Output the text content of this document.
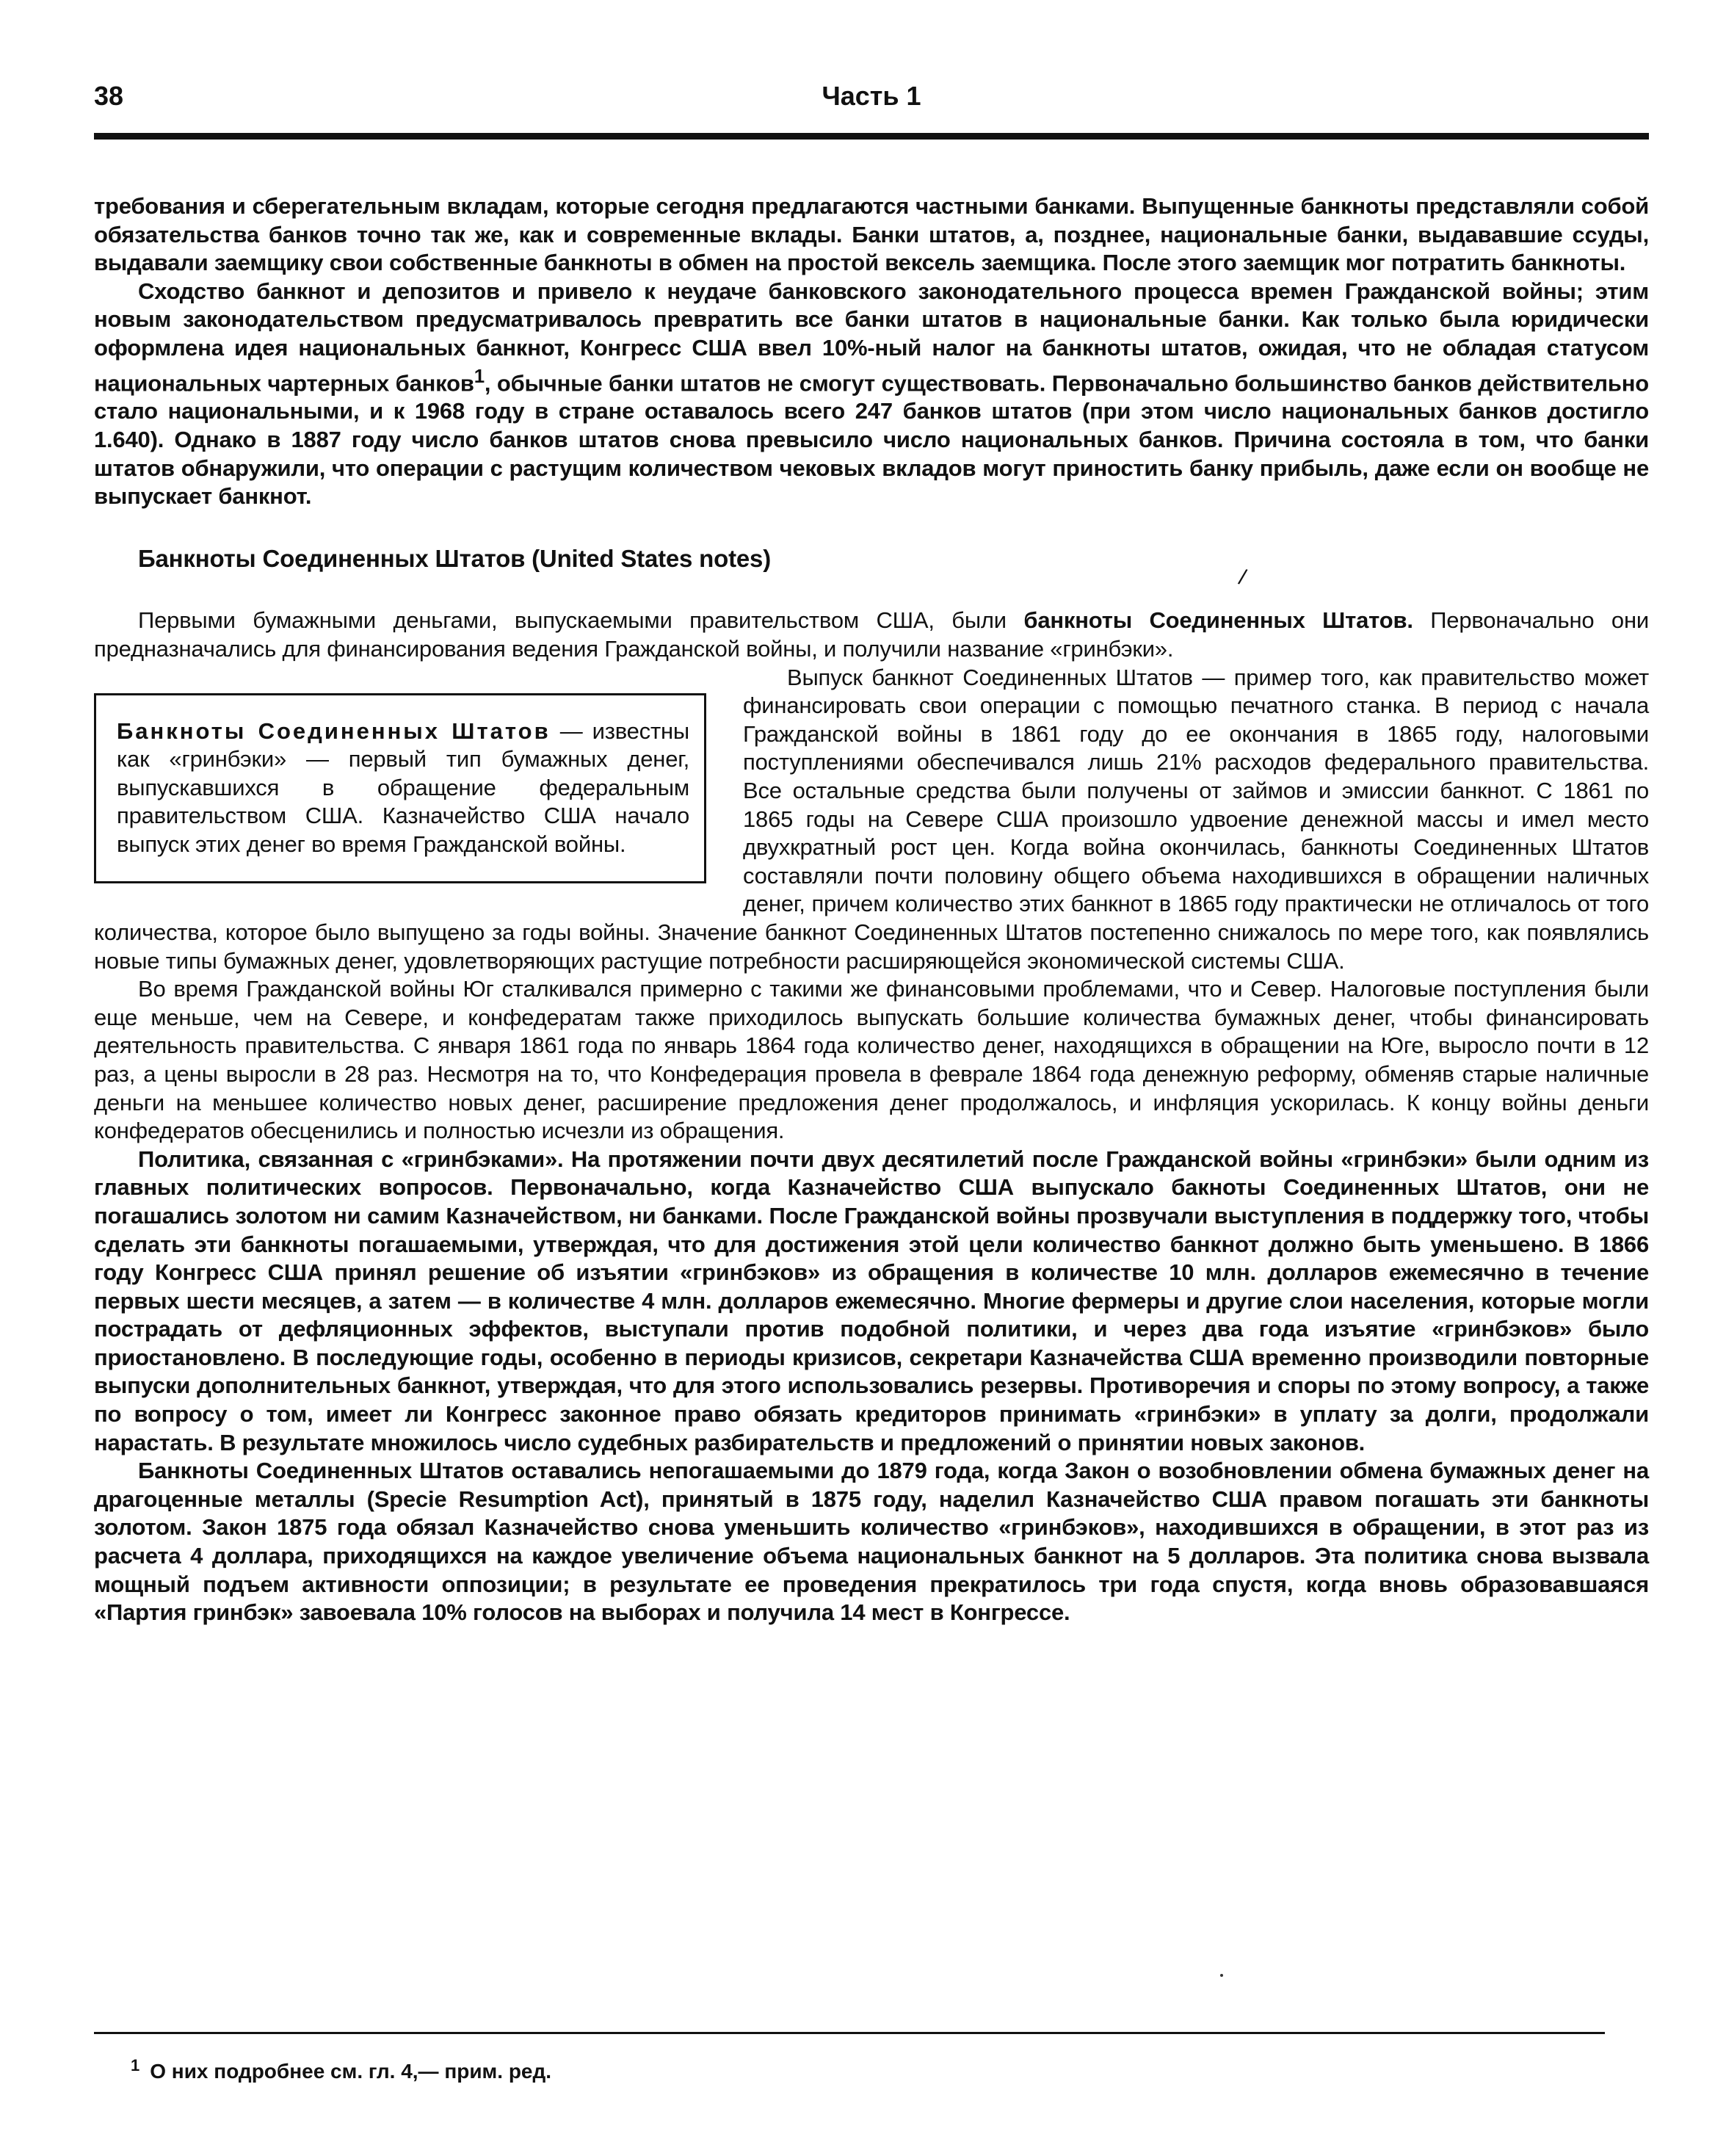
Часть 1
38

требования и сберегательным вкладам, которые сегодня предлагаются частными банками. Выпущенные банкноты представляли собой обязательства банков точно так же, как и современные вклады. Банки штатов, а, позднее, национальные банки, выдававшие ссуды, выдавали заемщику свои собственные банкноты в обмен на простой вексель заемщика. После этого заемщик мог потратить банкноты.

Сходство банкнот и депозитов и привело к неудаче банковского законодательного процесса времен Гражданской войны; этим новым законодательством предусматривалось превратить все банки штатов в национальные банки. Как только была юридически оформлена идея национальных банкнот, Конгресс США ввел 10%-ный налог на банкноты штатов, ожидая, что не обладая статусом национальных чартерных банков$^1$, обычные банки штатов не смогут существовать. Первоначально большинство банков действительно стало национальными, и к 1968 году в стране оставалось всего 247 банков штатов (при этом число национальных банков достигло 1.640). Однако в 1887 году число банков штатов снова превысило число национальных банков. Причина состояла в том, что банки штатов обнаружили, что операции с растущим количеством чековых вкладов могут приностить банку прибыль, даже если он вообще не выпускает банкнот.

Банкноты Соединенных Штатов (United States notes)

Первыми бумажными деньгами, выпускаемыми правительством США, были банкноты Соединенных Штатов. Первоначально они предназначались для финансирования ведения Гражданской войны, и получили название «гринбэки».

Банкноты Соединенных Штатов — известны как «гринбэки» — первый тип бумажных денег, выпускавшихся в обращение федеральным правительством США. Казначейство США начало выпуск этих денег во время Гражданской войны.

Выпуск банкнот Соединенных Штатов — пример того, как правительство может финансировать свои операции с помощью печатного станка. В период с начала Гражданской войны в 1861 году до ее окончания в 1865 году, налоговыми поступлениями обеспечивался лишь 21% расходов федерального правительства. Все остальные средства были получены от займов и эмиссии банкнот. С 1861 по 1865 годы на Севере США произошло удвоение денежной массы и имел место двухкратный рост цен. Когда война окончилась, банкноты Соединенных Штатов составляли почти половину общего объема находившихся в обращении наличных денег, причем количество этих банкнот в 1865 году практически не отличалось от того количества, которое было выпущено за годы войны. Значение банкнот Соединенных Штатов постепенно снижалось по мере того, как появлялись новые типы бумажных денег, удовлетворяющих растущие потребности расширяющейся экономической системы США.

Во время Гражданской войны Юг сталкивался примерно с такими же финансовыми проблемами, что и Север. Налоговые поступления были еще меньше, чем на Севере, и конфедератам также приходилось выпускать большие количества бумажных денег, чтобы финансировать деятельность правительства. С января 1861 года по январь 1864 года количество денег, находящихся в обращении на Юге, выросло почти в 12 раз, а цены выросли в 28 раз. Несмотря на то, что Конфедерация провела в феврале 1864 года денежную реформу, обменяв старые наличные деньги на меньшее количество новых денег, расширение предложения денег продолжалось, и инфляция ускорилась. К концу войны деньги конфедератов обесценились и полностью исчезли из обращения.

Политика, связанная с «гринбэками». На протяжении почти двух десятилетий после Гражданской войны «гринбэки» были одним из главных политических вопросов. Первоначально, когда Казначейство США выпускало бакноты Соединенных Штатов, они не погашались золотом ни самим Казначейством, ни банками. После Гражданской войны прозвучали выступления в поддержку того, чтобы сделать эти банкноты погашаемыми, утверждая, что для достижения этой цели количество банкнот должно быть уменьшено. В 1866 году Конгресс США принял решение об изъятии «гринбэков» из обращения в количестве 10 млн. долларов ежемесячно в течение первых шести месяцев, а затем — в количестве 4 млн. долларов ежемесячно. Многие фермеры и другие слои населения, которые могли пострадать от дефляционных эффектов, выступали против подобной политики, и через два года изъятие «гринбэков» было приостановлено. В последующие годы, особенно в периоды кризисов, секретари Казначейства США временно производили повторные выпуски дополнительных банкнот, утверждая, что для этого использовались резервы. Противоречия и споры по этому вопросу, а также по вопросу о том, имеет ли Конгресс законное право обязать кредиторов принимать «гринбэки» в уплату за долги, продолжали нарастать. В результате множилось число судебных разбирательств и предложений о принятии новых законов.

Банкноты Соединенных Штатов оставались непогашаемыми до 1879 года, когда Закон о возобновлении обмена бумажных денег на драгоценные металлы (Specie Resumption Act), принятый в 1875 году, наделил Казначейство США правом погашать эти банкноты золотом. Закон 1875 года обязал Казначейство снова уменьшить количество «гринбэков», находившихся в обращении, в этот раз из расчета 4 доллара, приходящихся на каждое увеличение объема национальных банкнот на 5 долларов. Эта политика снова вызвала мощный подъем активности оппозиции; в результате ее проведения прекратилось три года спустя, когда вновь образовавшаяся «Партия гринбэк» завоевала 10% голосов на выборах и получила 14 мест в Конгрессе.

/
$^1$ О них подробнее см. гл. 4,— прим. ред.
